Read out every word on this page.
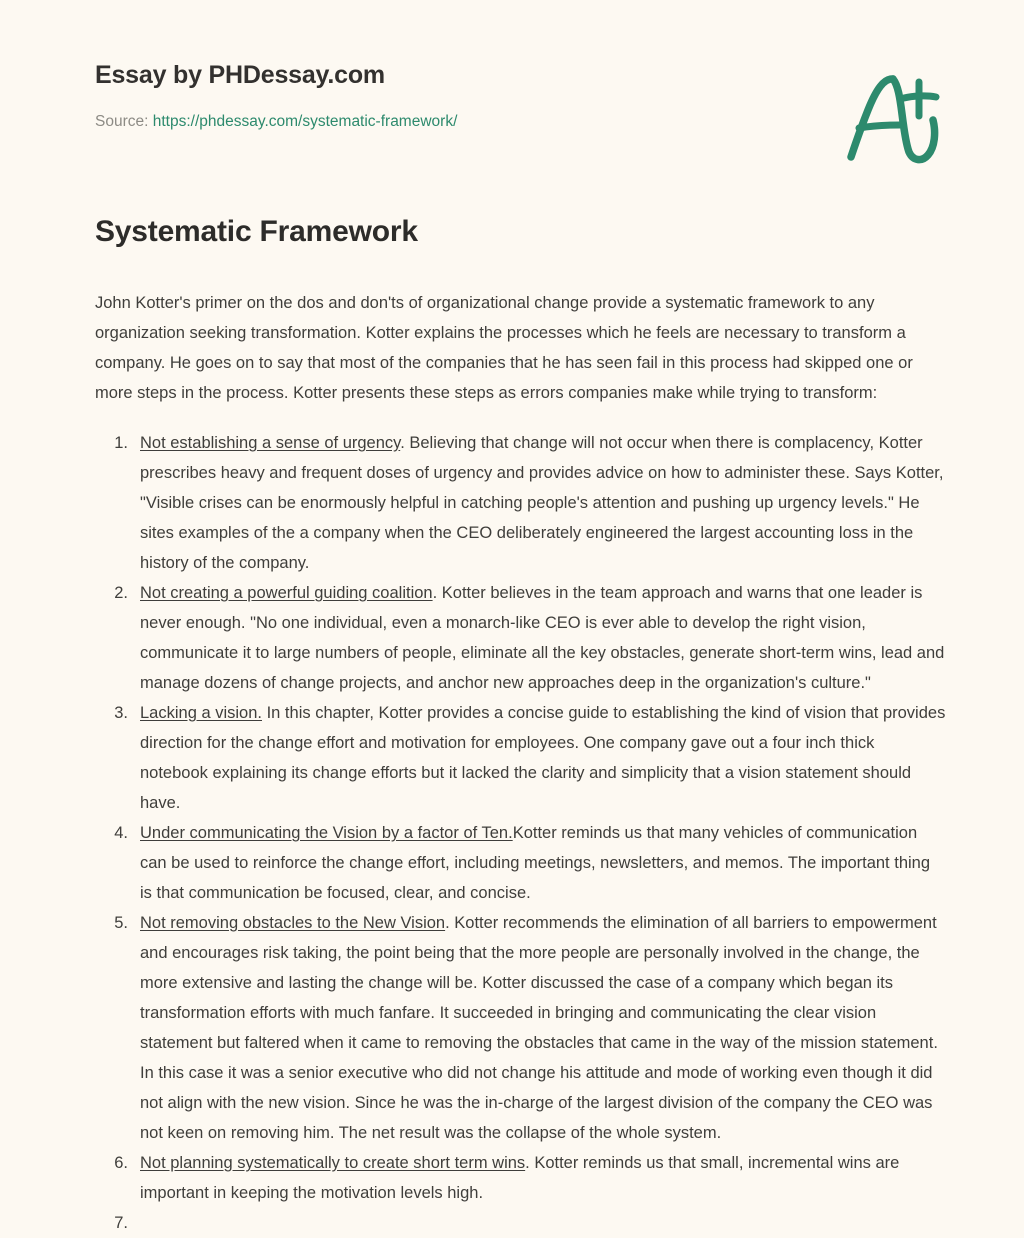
Essay by PHDessay.com
Source: https://phdessay.com/systematic-framework/
Systematic Framework

John Kotter's primer on the dos and don'ts of organizational change provide a systematic framework to any organization seeking transformation. Kotter explains the processes which he feels are necessary to transform a company. He goes on to say that most of the companies that he has seen fail in this process had skipped one or more steps in the process. Kotter presents these steps as errors companies make while trying to transform:

Not establishing a sense of urgency. Believing that change will not occur when there is complacency, Kotter prescribes heavy and frequent doses of urgency and provides advice on how to administer these. Says Kotter, "Visible crises can be enormously helpful in catching people's attention and pushing up urgency levels." He sites examples of the a company when the CEO deliberately engineered the largest accounting loss in the history of the company.
Not creating a powerful guiding coalition. Kotter believes in the team approach and warns that one leader is never enough. "No one individual, even a monarch-like CEO is ever able to develop the right vision, communicate it to large numbers of people, eliminate all the key obstacles, generate short-term wins, lead and manage dozens of change projects, and anchor new approaches deep in the organization's culture."
Lacking a vision. In this chapter, Kotter provides a concise guide to establishing the kind of vision that provides direction for the change effort and motivation for employees. One company gave out a four inch thick notebook explaining its change efforts but it lacked the clarity and simplicity that a vision statement should have.
Under communicating the Vision by a factor of Ten.Kotter reminds us that many vehicles of communication can be used to reinforce the change effort, including meetings, newsletters, and memos. The important thing is that communication be focused, clear, and concise.
Not removing obstacles to the New Vision. Kotter recommends the elimination of all barriers to empowerment and encourages risk taking, the point being that the more people are personally involved in the change, the more extensive and lasting the change will be. Kotter discussed the case of a company which began its transformation efforts with much fanfare. It succeeded in bringing and communicating the clear vision statement but faltered when it came to removing the obstacles that came in the way of the mission statement. In this case it was a senior executive who did not change his attitude and mode of working even though it did not align with the new vision. Since he was the in-charge of the largest division of the company the CEO was not keen on removing him. The net result was the collapse of the whole system.
Not planning systematically to create short term wins. Kotter reminds us that small, incremental wins are important in keeping the motivation levels high.
